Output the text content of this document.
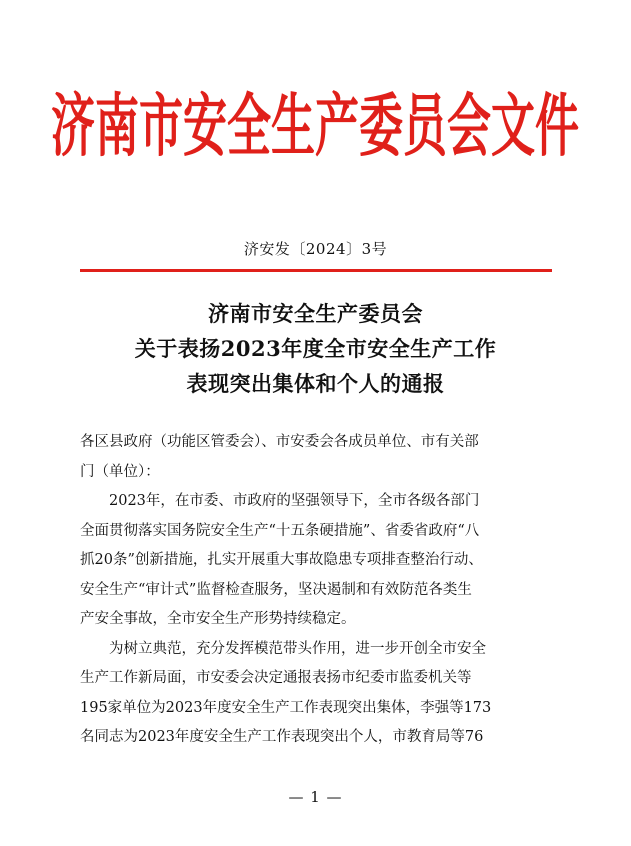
济南市安全生产委员会文件
济安发〔2024〕3号
济南市安全生产委员会
关于表扬2023年度全市安全生产工作
表现突出集体和个人的通报

各区县政府（功能区管委会）、市安委会各成员单位、市有关部
门（单位）：

　　2023年，在市委、市政府的坚强领导下，全市各级各部门
全面贯彻落实国务院安全生产“十五条硬措施”、省委省政府“八
抓20条”创新措施，扎实开展重大事故隐患专项排查整治行动、
安全生产“审计式”监督检查服务，坚决遏制和有效防范各类生
产安全事故，全市安全生产形势持续稳定。

　　为树立典范，充分发挥模范带头作用，进一步开创全市安全
生产工作新局面，市安委会决定通报表扬市纪委市监委机关等
195家单位为2023年度安全生产工作表现突出集体，李强等173
名同志为2023年度安全生产工作表现突出个人，市教育局等76

— 1 —
